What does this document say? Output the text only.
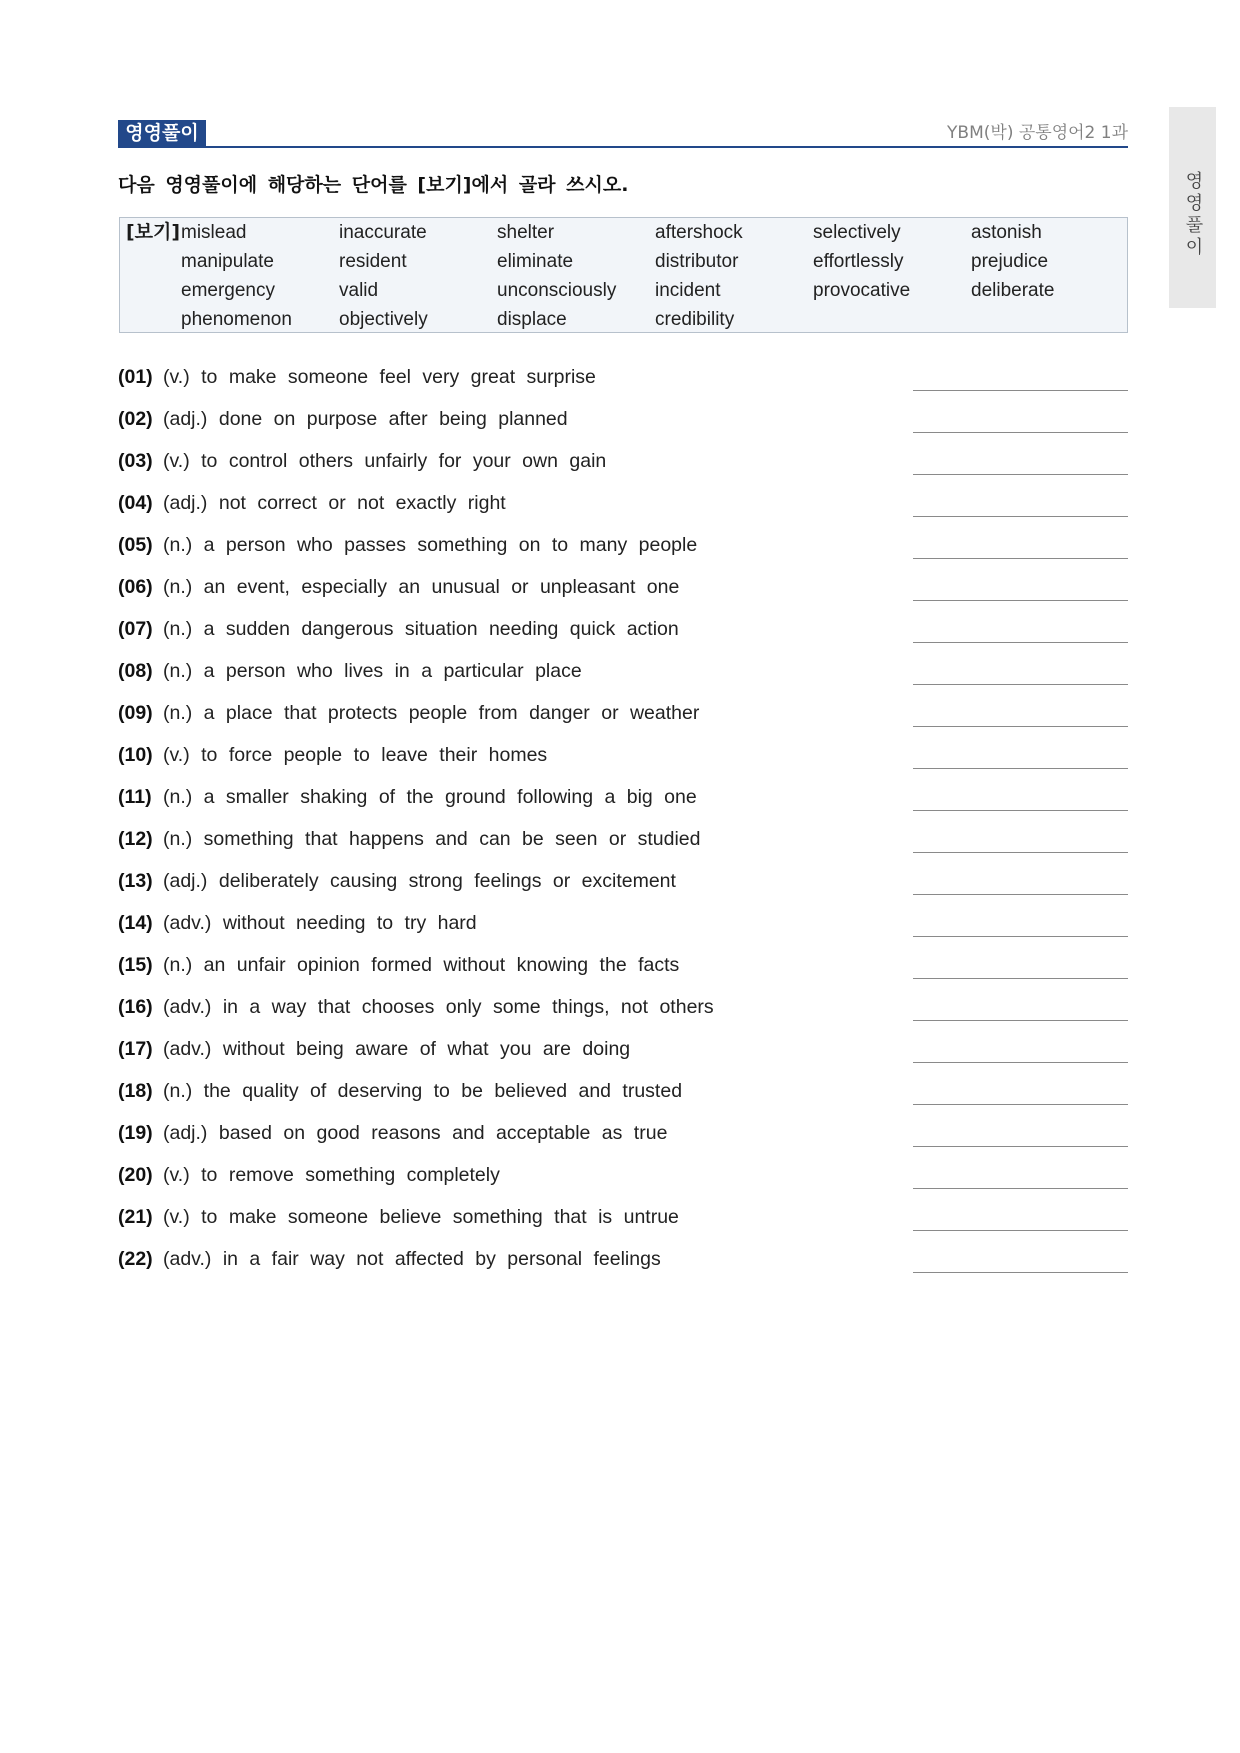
영영풀이	YBM(박) 공통영어2 1과
다음 영영풀이에 해당하는 단어를 [보기]에서 골라 쓰시오.
[보기] mislead	inaccurate	shelter	aftershock	selectively	astonish
manipulate	resident	eliminate	distributor	effortlessly	prejudice
emergency	valid	unconsciously	incident	provocative	deliberate
phenomenon	objectively	displace	credibility
영영풀이
(01) (v.) to make someone feel very great surprise
(02) (adj.) done on purpose after being planned
(03) (v.) to control others unfairly for your own gain
(04) (adj.) not correct or not exactly right
(05) (n.) a person who passes something on to many people
(06) (n.) an event, especially an unusual or unpleasant one
(07) (n.) a sudden dangerous situation needing quick action
(08) (n.) a person who lives in a particular place
(09) (n.) a place that protects people from danger or weather
(10) (v.) to force people to leave their homes
(11) (n.) a smaller shaking of the ground following a big one
(12) (n.) something that happens and can be seen or studied
(13) (adj.) deliberately causing strong feelings or excitement
(14) (adv.) without needing to try hard
(15) (n.) an unfair opinion formed without knowing the facts
(16) (adv.) in a way that chooses only some things, not others
(17) (adv.) without being aware of what you are doing
(18) (n.) the quality of deserving to be believed and trusted
(19) (adj.) based on good reasons and acceptable as true
(20) (v.) to remove something completely
(21) (v.) to make someone believe something that is untrue
(22) (adv.) in a fair way not affected by personal feelings
